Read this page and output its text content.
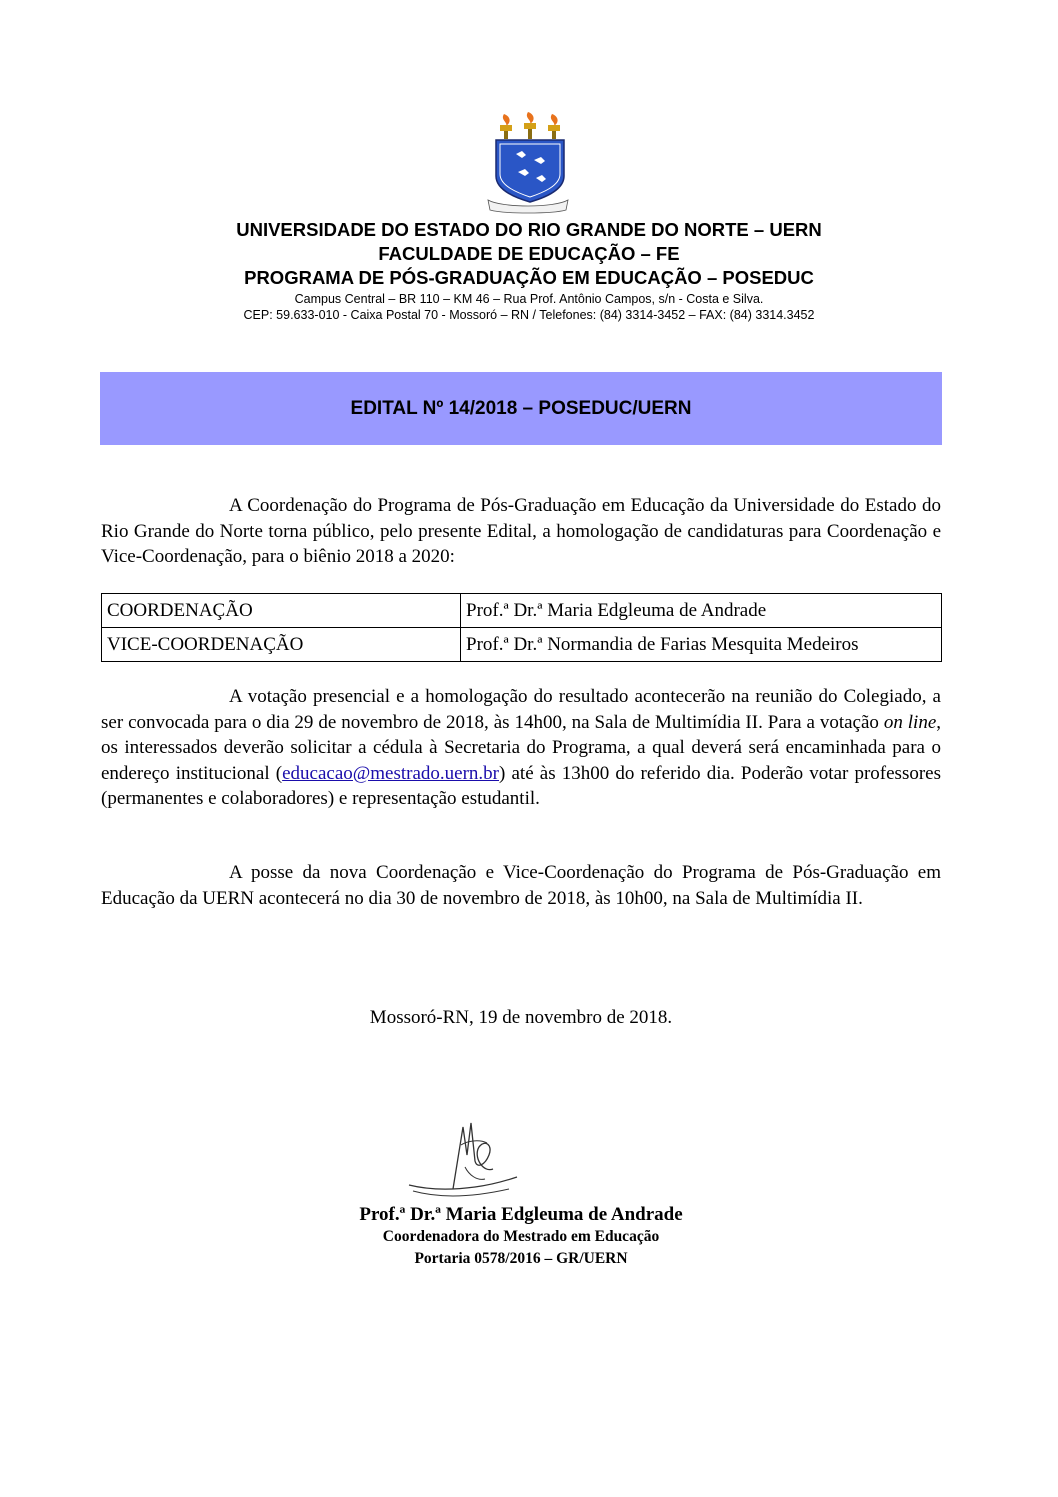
UNIVERSIDADE DO ESTADO DO RIO GRANDE DO NORTE – UERN
FACULDADE DE EDUCAÇÃO – FE
PROGRAMA DE PÓS-GRADUAÇÃO EM EDUCAÇÃO – POSEDUC
Campus Central – BR 110 – KM 46 – Rua Prof. Antônio Campos, s/n - Costa e Silva.
CEP: 59.633-010 - Caixa Postal 70 - Mossoró – RN / Telefones: (84) 3314-3452 – FAX: (84) 3314.3452
EDITAL Nº 14/2018 – POSEDUC/UERN
A Coordenação do Programa de Pós-Graduação em Educação da Universidade do Estado do Rio Grande do Norte torna público, pelo presente Edital, a homologação de candidaturas para Coordenação e Vice-Coordenação, para o biênio 2018 a 2020:
COORDENAÇÃO	Prof.ª Dr.ª Maria Edgleuma de Andrade
VICE-COORDENAÇÃO	Prof.ª Dr.ª Normandia de Farias Mesquita Medeiros
A votação presencial e a homologação do resultado acontecerão na reunião do Colegiado, a ser convocada para o dia 29 de novembro de 2018, às 14h00, na Sala de Multimídia II. Para a votação on line, os interessados deverão solicitar a cédula à Secretaria do Programa, a qual deverá será encaminhada para o endereço institucional (educacao@mestrado.uern.br) até às 13h00 do referido dia. Poderão votar professores (permanentes e colaboradores) e representação estudantil.
A posse da nova Coordenação e Vice-Coordenação do Programa de Pós-Graduação em Educação da UERN acontecerá no dia 30 de novembro de 2018, às 10h00, na Sala de Multimídia II.
Mossoró-RN, 19 de novembro de 2018.
Prof.ª Dr.ª Maria Edgleuma de Andrade
Coordenadora do Mestrado em Educação
Portaria 0578/2016 – GR/UERN
